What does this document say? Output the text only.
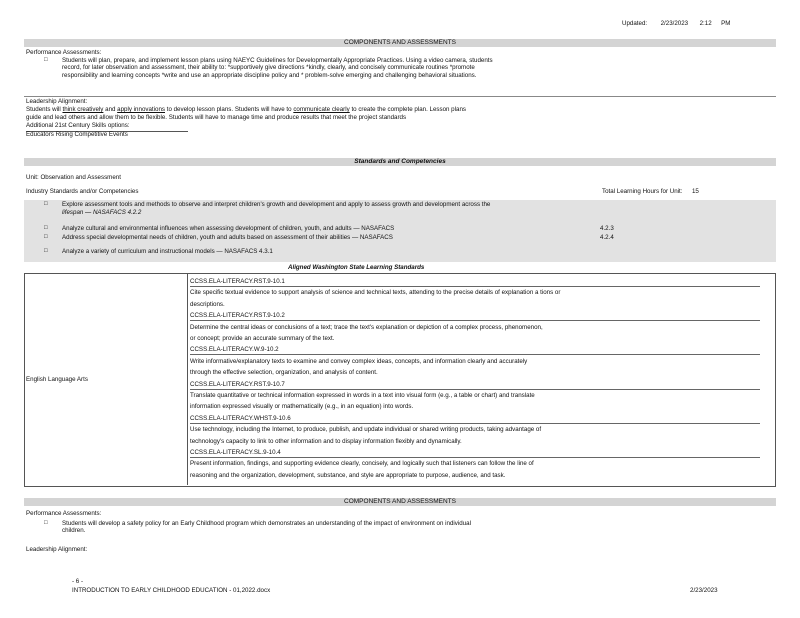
Updated: 2/23/2023 2:12 PM
COMPONENTS AND ASSESSMENTS
Performance Assessments:
□ Students will plan, prepare, and implement lesson plans using NAEYC Guidelines for Developmentally Appropriate Practices. Using a video camera, students
record, for later observation and assessment, their ability to: *supportively give directions *kindly, clearly, and concisely communicate routines *promote
responsibility and learning concepts *write and use an appropriate discipline policy and * problem-solve emerging and challenging behavioral situations.
Leadership Alignment:
Students will think creatively and apply innovations to develop lesson plans. Students will have to communicate clearly to create the complete plan. Lesson plans
guide and lead others and allow them to be flexible. Students will have to manage time and produce results that meet the project standards
Additional 21st Century Skills options:
Educators Rising Competitive Events
Standards and Competencies
Unit: Observation and Assessment
Industry Standards and/or Competencies	Total Learning Hours for Unit: 15
□ Explore assessment tools and methods to observe and interpret children's growth and development and apply to assess growth and development across the
lifespan — NASAFACS 4.2.2
□ Analyze cultural and environmental influences when assessing development of children, youth, and adults — NASAFACS	4.2.3
□ Address special developmental needs of children, youth and adults based on assessment of their abilities — NASAFACS	4.2.4
□ Analyze a variety of curriculum and instructional models — NASAFACS 4.3.1
Aligned Washington State Learning Standards
English Language Arts
CCSS.ELA-LITERACY.RST.9-10.1
Cite specific textual evidence to support analysis of science and technical texts, attending to the precise details of explanation a tions or
descriptions.
CCSS.ELA-LITERACY.RST.9-10.2
Determine the central ideas or conclusions of a text; trace the text's explanation or depiction of a complex process, phenomenon,
or concept; provide an accurate summary of the text.
CCSS.ELA-LITERACY.W.9-10.2
Write informative/explanatory texts to examine and convey complex ideas, concepts, and information clearly and accurately
through the effective selection, organization, and analysis of content.
CCSS.ELA-LITERACY.RST.9-10.7
Translate quantitative or technical information expressed in words in a text into visual form (e.g., a table or chart) and translate
information expressed visually or mathematically (e.g., in an equation) into words.
CCSS.ELA-LITERACY.WHST.9-10.6
Use technology, including the Internet, to produce, publish, and update individual or shared writing products, taking advantage of
technology's capacity to link to other information and to display information flexibly and dynamically.
CCSS.ELA-LITERACY.SL.9-10.4
Present information, findings, and supporting evidence clearly, concisely, and logically such that listeners can follow the line of
reasoning and the organization, development, substance, and style are appropriate to purpose, audience, and task.
COMPONENTS AND ASSESSMENTS
Performance Assessments:
□ Students will develop a safety policy for an Early Childhood program which demonstrates an understanding of the impact of environment on individual
children.
Leadership Alignment:
- 6 -
INTRODUCTION TO EARLY CHILDHOOD EDUCATION - 01,2022.docx	2/23/2023
